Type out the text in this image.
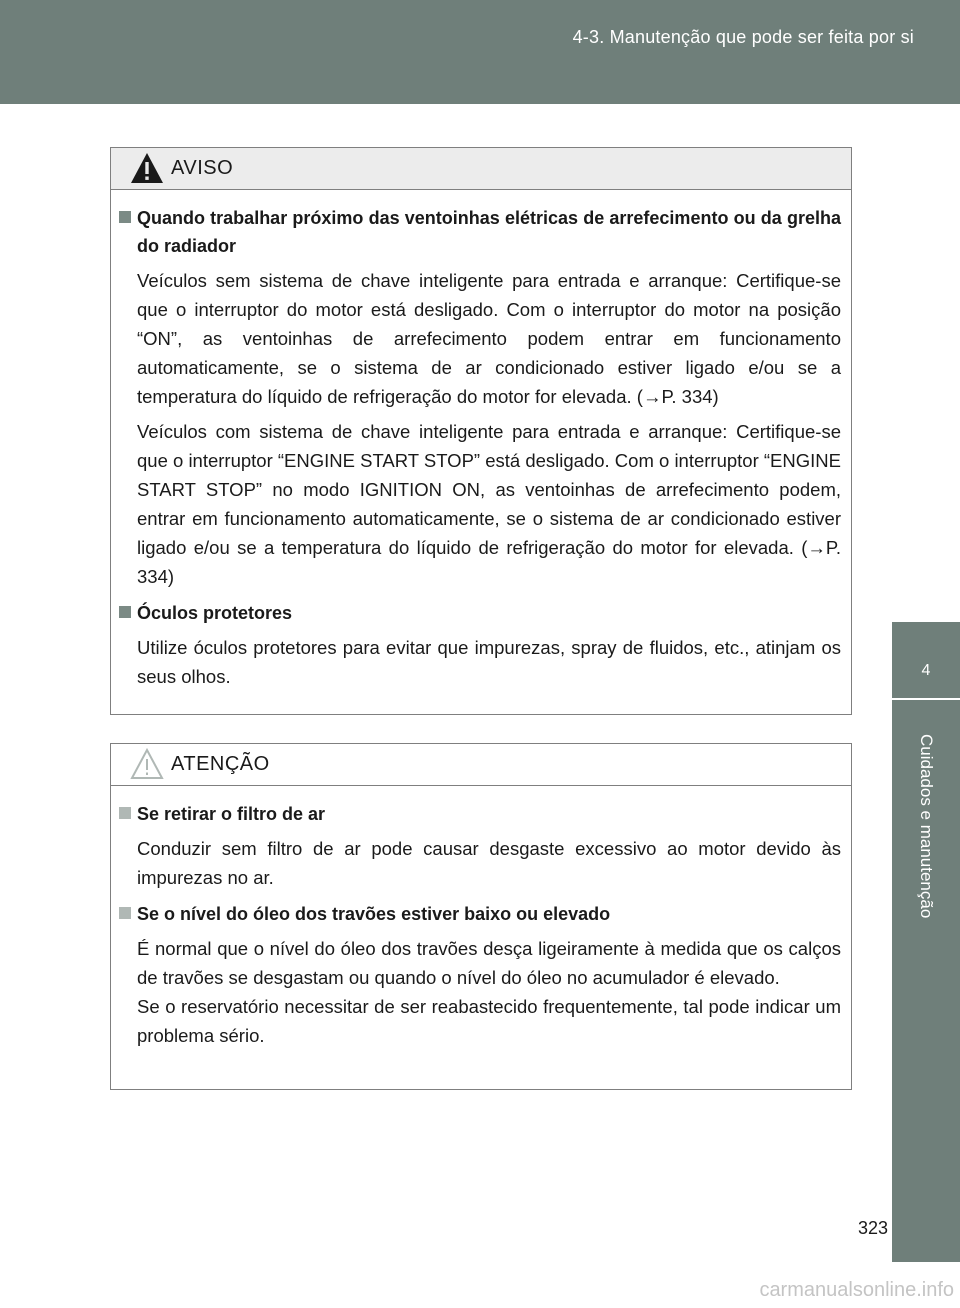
4-3. Manutenção que pode ser feita por si
4
Cuidados e manutenção
AVISO
Quando trabalhar próximo das ventoinhas elétricas de arrefecimento ou da grelha do radiador

Veículos sem sistema de chave inteligente para entrada e arranque: Certifique-se que o interruptor do motor está desligado. Com o interruptor do motor na posição “ON”, as ventoinhas de arrefecimento podem entrar em funcionamento automaticamente, se o sistema de ar condicionado estiver ligado e/ou se a temperatura do líquido de refrigeração do motor for elevada. (→P. 334)

Veículos com sistema de chave inteligente para entrada e arranque: Certifique-se que o interruptor “ENGINE START STOP” está desligado. Com o interruptor “ENGINE START STOP” no modo IGNITION ON, as ventoinhas de arrefecimento podem, entrar em funcionamento automaticamente, se o sistema de ar condicionado estiver ligado e/ou se a temperatura do líquido de refrigeração do motor for elevada. (→P. 334)

Óculos protetores

Utilize óculos protetores para evitar que impurezas, spray de fluidos, etc., atinjam os seus olhos.

ATENÇÃO
Se retirar o filtro de ar

Conduzir sem filtro de ar pode causar desgaste excessivo ao motor devido às impurezas no ar.

Se o nível do óleo dos travões estiver baixo ou elevado

É normal que o nível do óleo dos travões desça ligeiramente à medida que os calços de travões se desgastam ou quando o nível do óleo no acumulador é elevado.

Se o reservatório necessitar de ser reabastecido frequentemente, tal pode indicar um problema sério.

323
carmanualsonline.info
